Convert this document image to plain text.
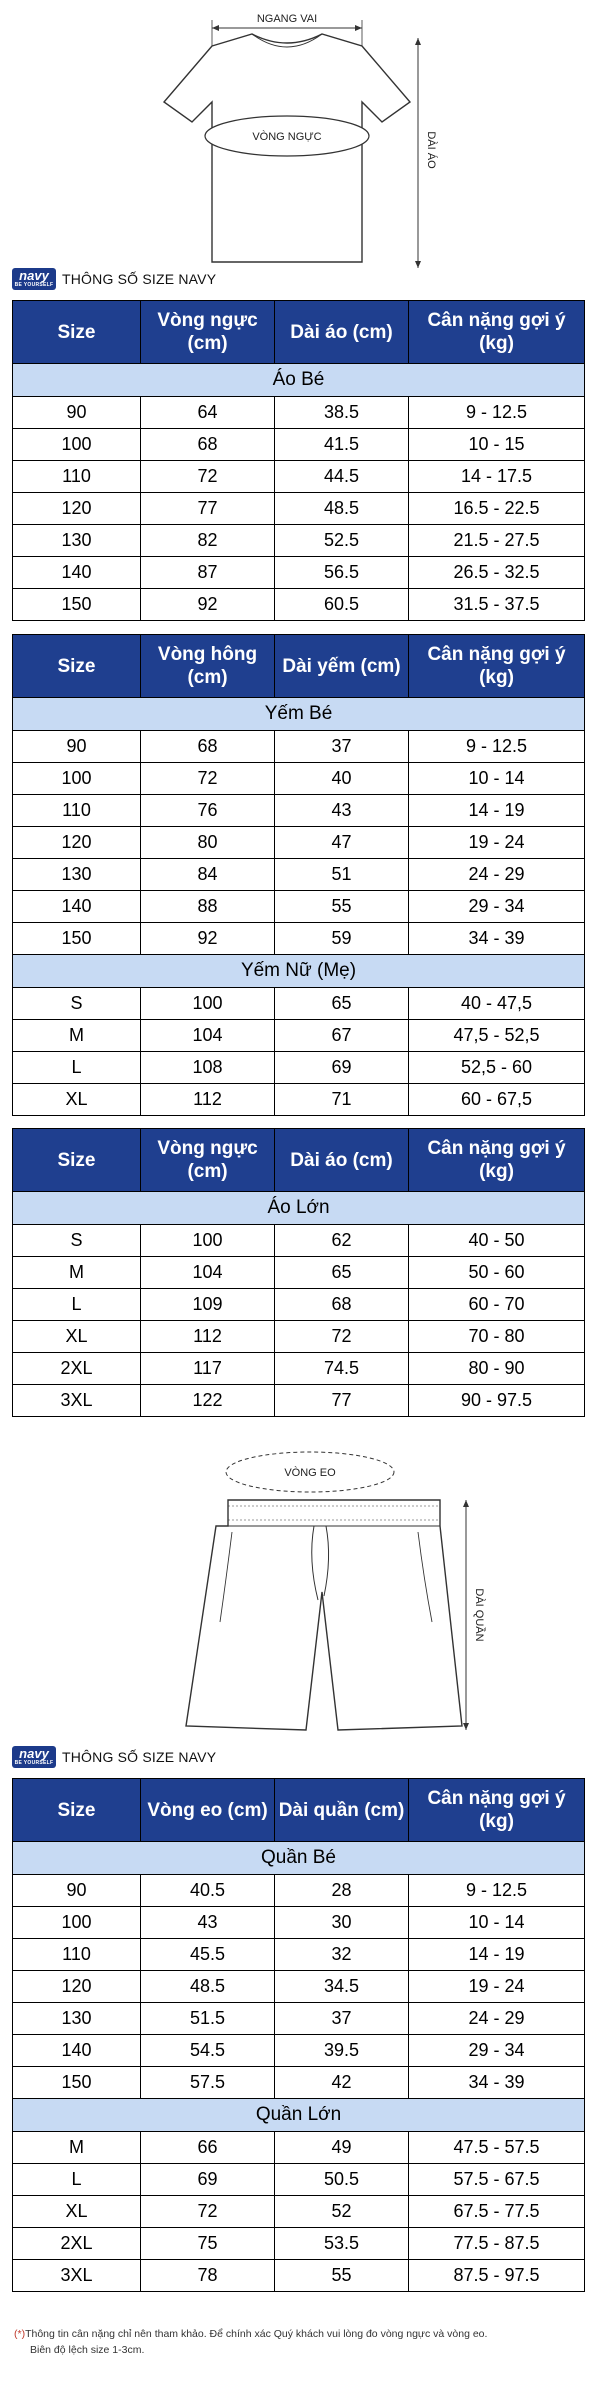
NGANG VAI
VÒNG NGỰC	DÀI ÁO
navy
BE YOURSELF THÔNG SỐ SIZE NAVY
Size	Vòng ngực (cm)	Dài áo (cm)	Cân nặng gợi ý (kg)
Áo Bé			
90	64	38.5	9 - 12.5
100	68	41.5	10 - 15
110	72	44.5	14 - 17.5
120	77	48.5	16.5 - 22.5
130	82	52.5	21.5 - 27.5
140	87	56.5	26.5 - 32.5
150	92	60.5	31.5 - 37.5
Size	Vòng hông (cm)	Dài yếm (cm)	Cân nặng gợi ý (kg)
Yếm Bé			
90	68	37	9 - 12.5
100	72	40	10 - 14
110	76	43	14 - 19
120	80	47	19 - 24
130	84	51	24 - 29
140	88	55	29 - 34
150	92	59	34 - 39
Yếm Nữ (Mẹ)			
S	100	65	40 - 47,5
M	104	67	47,5 - 52,5
L	108	69	52,5 - 60
XL	112	71	60 - 67,5
Size	Vòng ngực (cm)	Dài áo (cm)	Cân nặng gợi ý (kg)
Áo Lớn			
S	100	62	40 - 50
M	104	65	50 - 60
L	109	68	60 - 70
XL	112	72	70 - 80
2XL	117	74.5	80 - 90
3XL	122	77	90 - 97.5
VÒNG EO
DÀI QUẦN
navy
BE YOURSELF THÔNG SỐ SIZE NAVY
Size	Vòng eo (cm)	Dài quần (cm)	Cân nặng gợi ý (kg)
Quần Bé			
90	40.5	28	9 - 12.5
100	43	30	10 - 14
110	45.5	32	14 - 19
120	48.5	34.5	19 - 24
130	51.5	37	24 - 29
140	54.5	39.5	29 - 34
150	57.5	42	34 - 39
Quần Lớn			
M	66	49	47.5 - 57.5
L	69	50.5	57.5 - 67.5
XL	72	52	67.5 - 77.5
2XL	75	53.5	77.5 - 87.5
3XL	78	55	87.5 - 97.5
(*)Thông tin cân nặng chỉ nên tham khảo. Để chính xác Quý khách vui lòng đo vòng ngực và vòng eo.
Biên độ lệch size 1-3cm.
